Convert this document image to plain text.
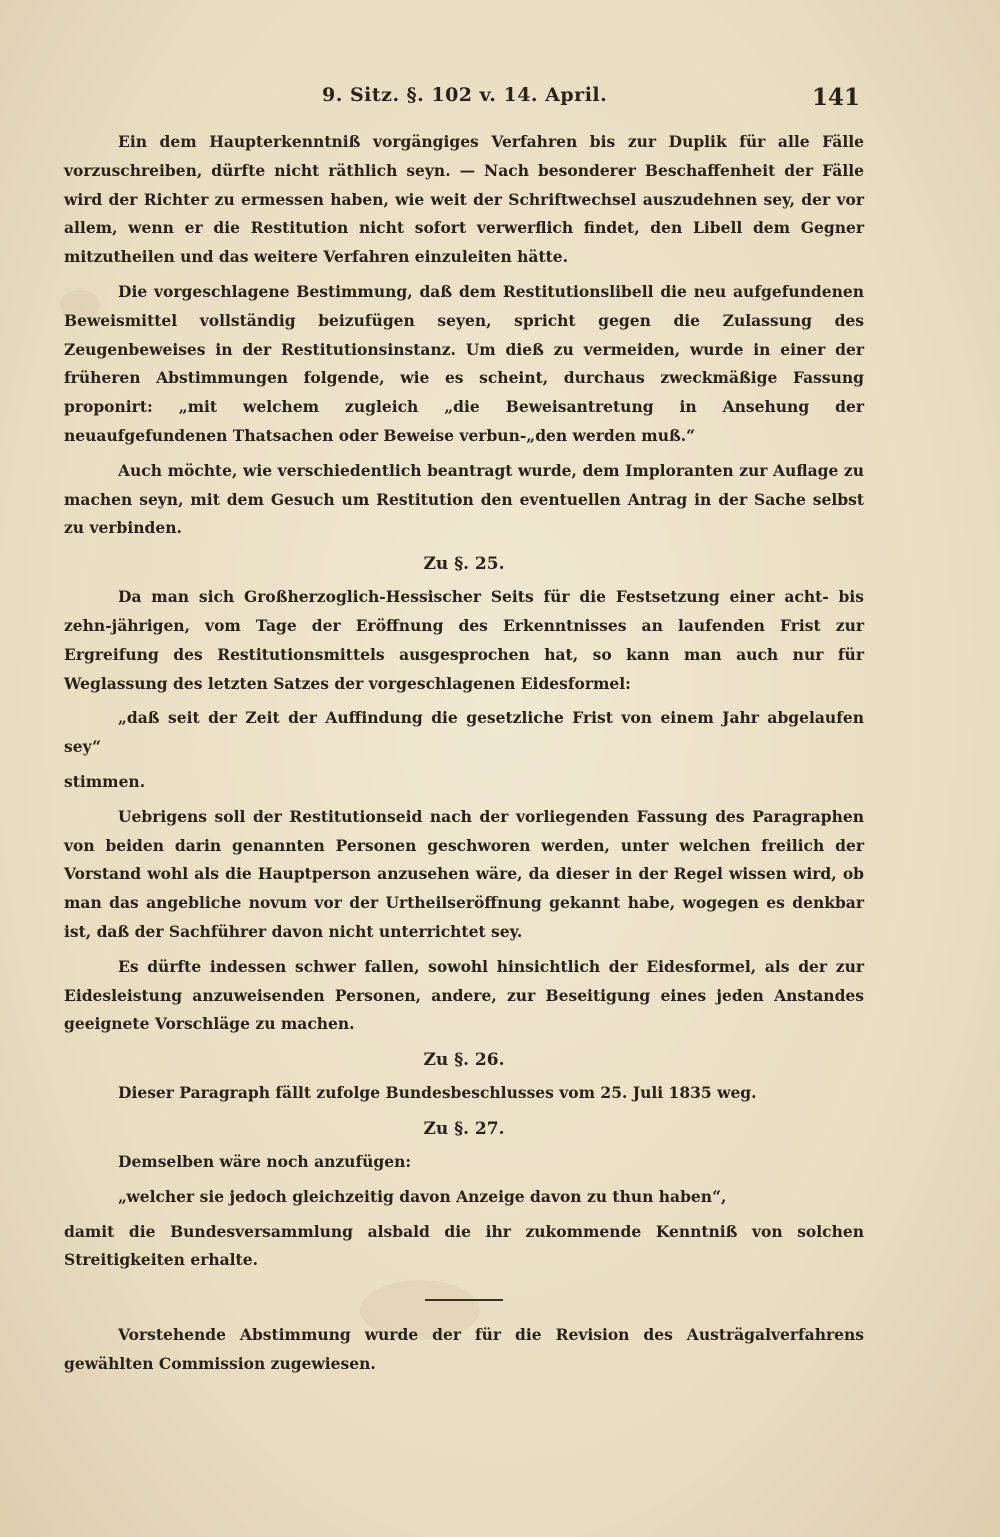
9. Sitz. §. 102 v. 14. April.	141

Ein dem Haupterkenntniß vorgängiges Verfahren bis zur Duplik für alle Fälle vorzuschreiben, dürfte nicht räthlich seyn. — Nach besonderer Beschaffenheit der Fälle wird der Richter zu ermessen haben, wie weit der Schriftwechsel auszudehnen sey, der vor allem, wenn er die Restitution nicht sofort verwerflich findet, den Libell dem Gegner mitzutheilen und das weitere Verfahren einzuleiten hätte.

Die vorgeschlagene Bestimmung, daß dem Restitutionslibell die neu aufgefundenen Beweismittel vollständig beizufügen seyen, spricht gegen die Zulassung des Zeugenbeweises in der Restitutionsinstanz. Um dieß zu vermeiden, wurde in einer der früheren Abstimmungen folgende, wie es scheint, durchaus zweckmäßige Fassung proponirt: „mit welchem zugleich „die Beweisantretung in Ansehung der neuaufgefundenen Thatsachen oder Beweise verbun-„den werden muß.“

Auch möchte, wie verschiedentlich beantragt wurde, dem Imploranten zur Auflage zu machen seyn, mit dem Gesuch um Restitution den eventuellen Antrag in der Sache selbst zu verbinden.

Zu §. 25.

Da man sich Großherzoglich-Hessischer Seits für die Festsetzung einer acht- bis zehn-jährigen, vom Tage der Eröffnung des Erkenntnisses an laufenden Frist zur Ergreifung des Restitutionsmittels ausgesprochen hat, so kann man auch nur für Weglassung des letzten Satzes der vorgeschlagenen Eidesformel:

„daß seit der Zeit der Auffindung die gesetzliche Frist von einem Jahr abgelaufen sey“

stimmen.

Uebrigens soll der Restitutionseid nach der vorliegenden Fassung des Paragraphen von beiden darin genannten Personen geschworen werden, unter welchen freilich der Vorstand wohl als die Hauptperson anzusehen wäre, da dieser in der Regel wissen wird, ob man das angebliche novum vor der Urtheilseröffnung gekannt habe, wogegen es denkbar ist, daß der Sachführer davon nicht unterrichtet sey.

Es dürfte indessen schwer fallen, sowohl hinsichtlich der Eidesformel, als der zur Eidesleistung anzuweisenden Personen, andere, zur Beseitigung eines jeden Anstandes geeignete Vorschläge zu machen.

Zu §. 26.

Dieser Paragraph fällt zufolge Bundesbeschlusses vom 25. Juli 1835 weg.

Zu §. 27.

Demselben wäre noch anzufügen:

„welcher sie jedoch gleichzeitig davon Anzeige davon zu thun haben“,

damit die Bundesversammlung alsbald die ihr zukommende Kenntniß von solchen Streitigkeiten erhalte.

Vorstehende Abstimmung wurde der für die Revision des Austrägalverfahrens gewählten Commission zugewiesen.
